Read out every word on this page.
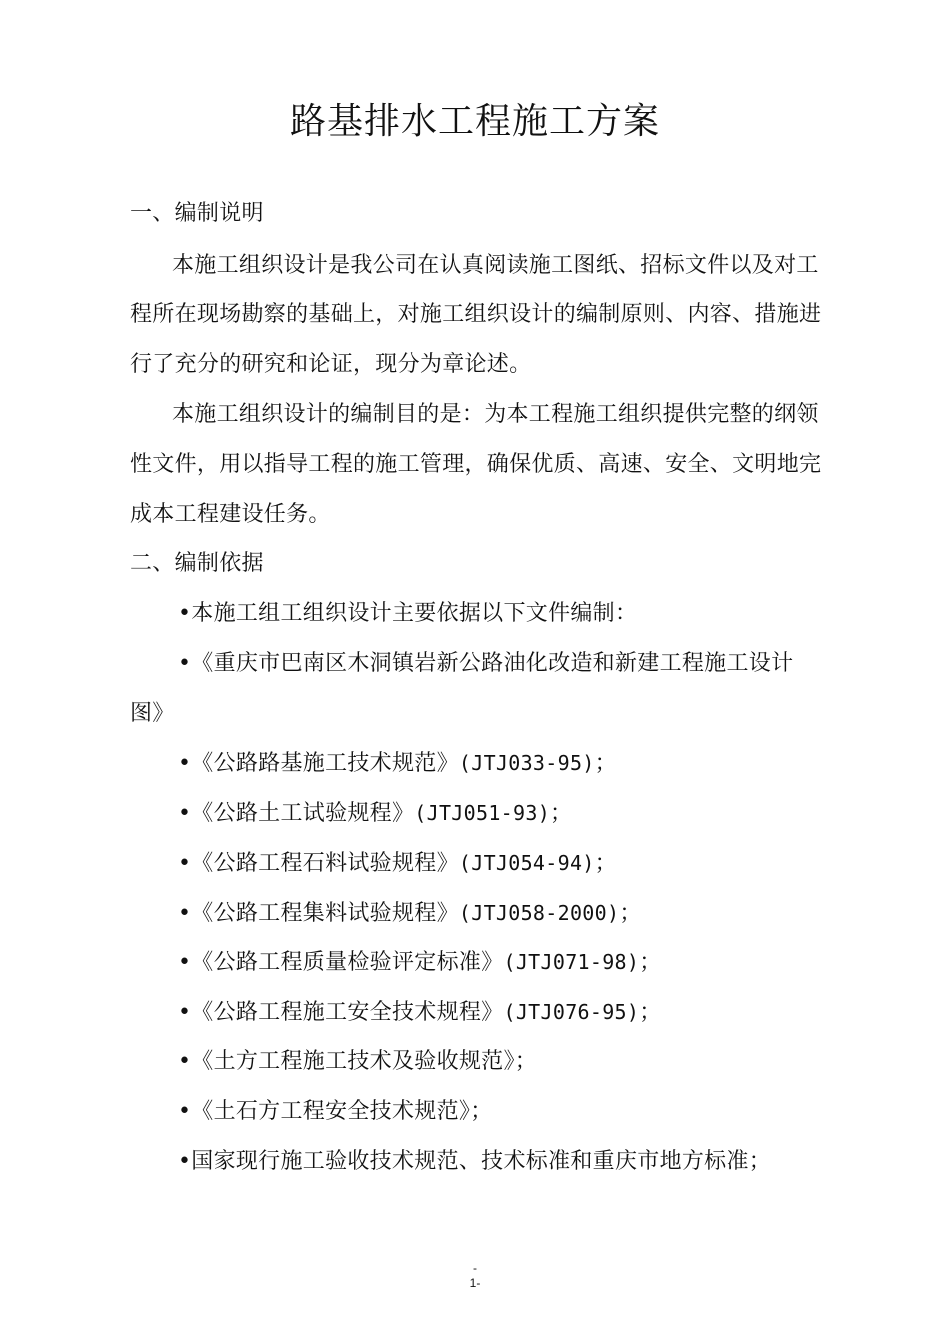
路基排水工程施工方案
一、编制说明
本施工组织设计是我公司在认真阅读施工图纸、招标文件以及对工
程所在现场勘察的基础上，对施工组织设计的编制原则、内容、措施进
行了充分的研究和论证，现分为章论述。
本施工组织设计的编制目的是：为本工程施工组织提供完整的纲领
性文件，用以指导工程的施工管理，确保优质、高速、安全、文明地完
成本工程建设任务。
二、编制依据
•本施工组工组织设计主要依据以下文件编制：
•《重庆市巴南区木洞镇岩新公路油化改造和新建工程施工设计
图》
•《公路路基施工技术规范》(JTJ033-95)；
•《公路土工试验规程》(JTJ051-93)；
•《公路工程石料试验规程》(JTJ054-94)；
•《公路工程集料试验规程》(JTJ058-2000)；
•《公路工程质量检验评定标准》(JTJ071-98)；
•《公路工程施工安全技术规程》(JTJ076-95)；
•《土方工程施工技术及验收规范》；
•《土石方工程安全技术规范》；
•国家现行施工验收技术规范、技术标准和重庆市地方标准；
-
1-
